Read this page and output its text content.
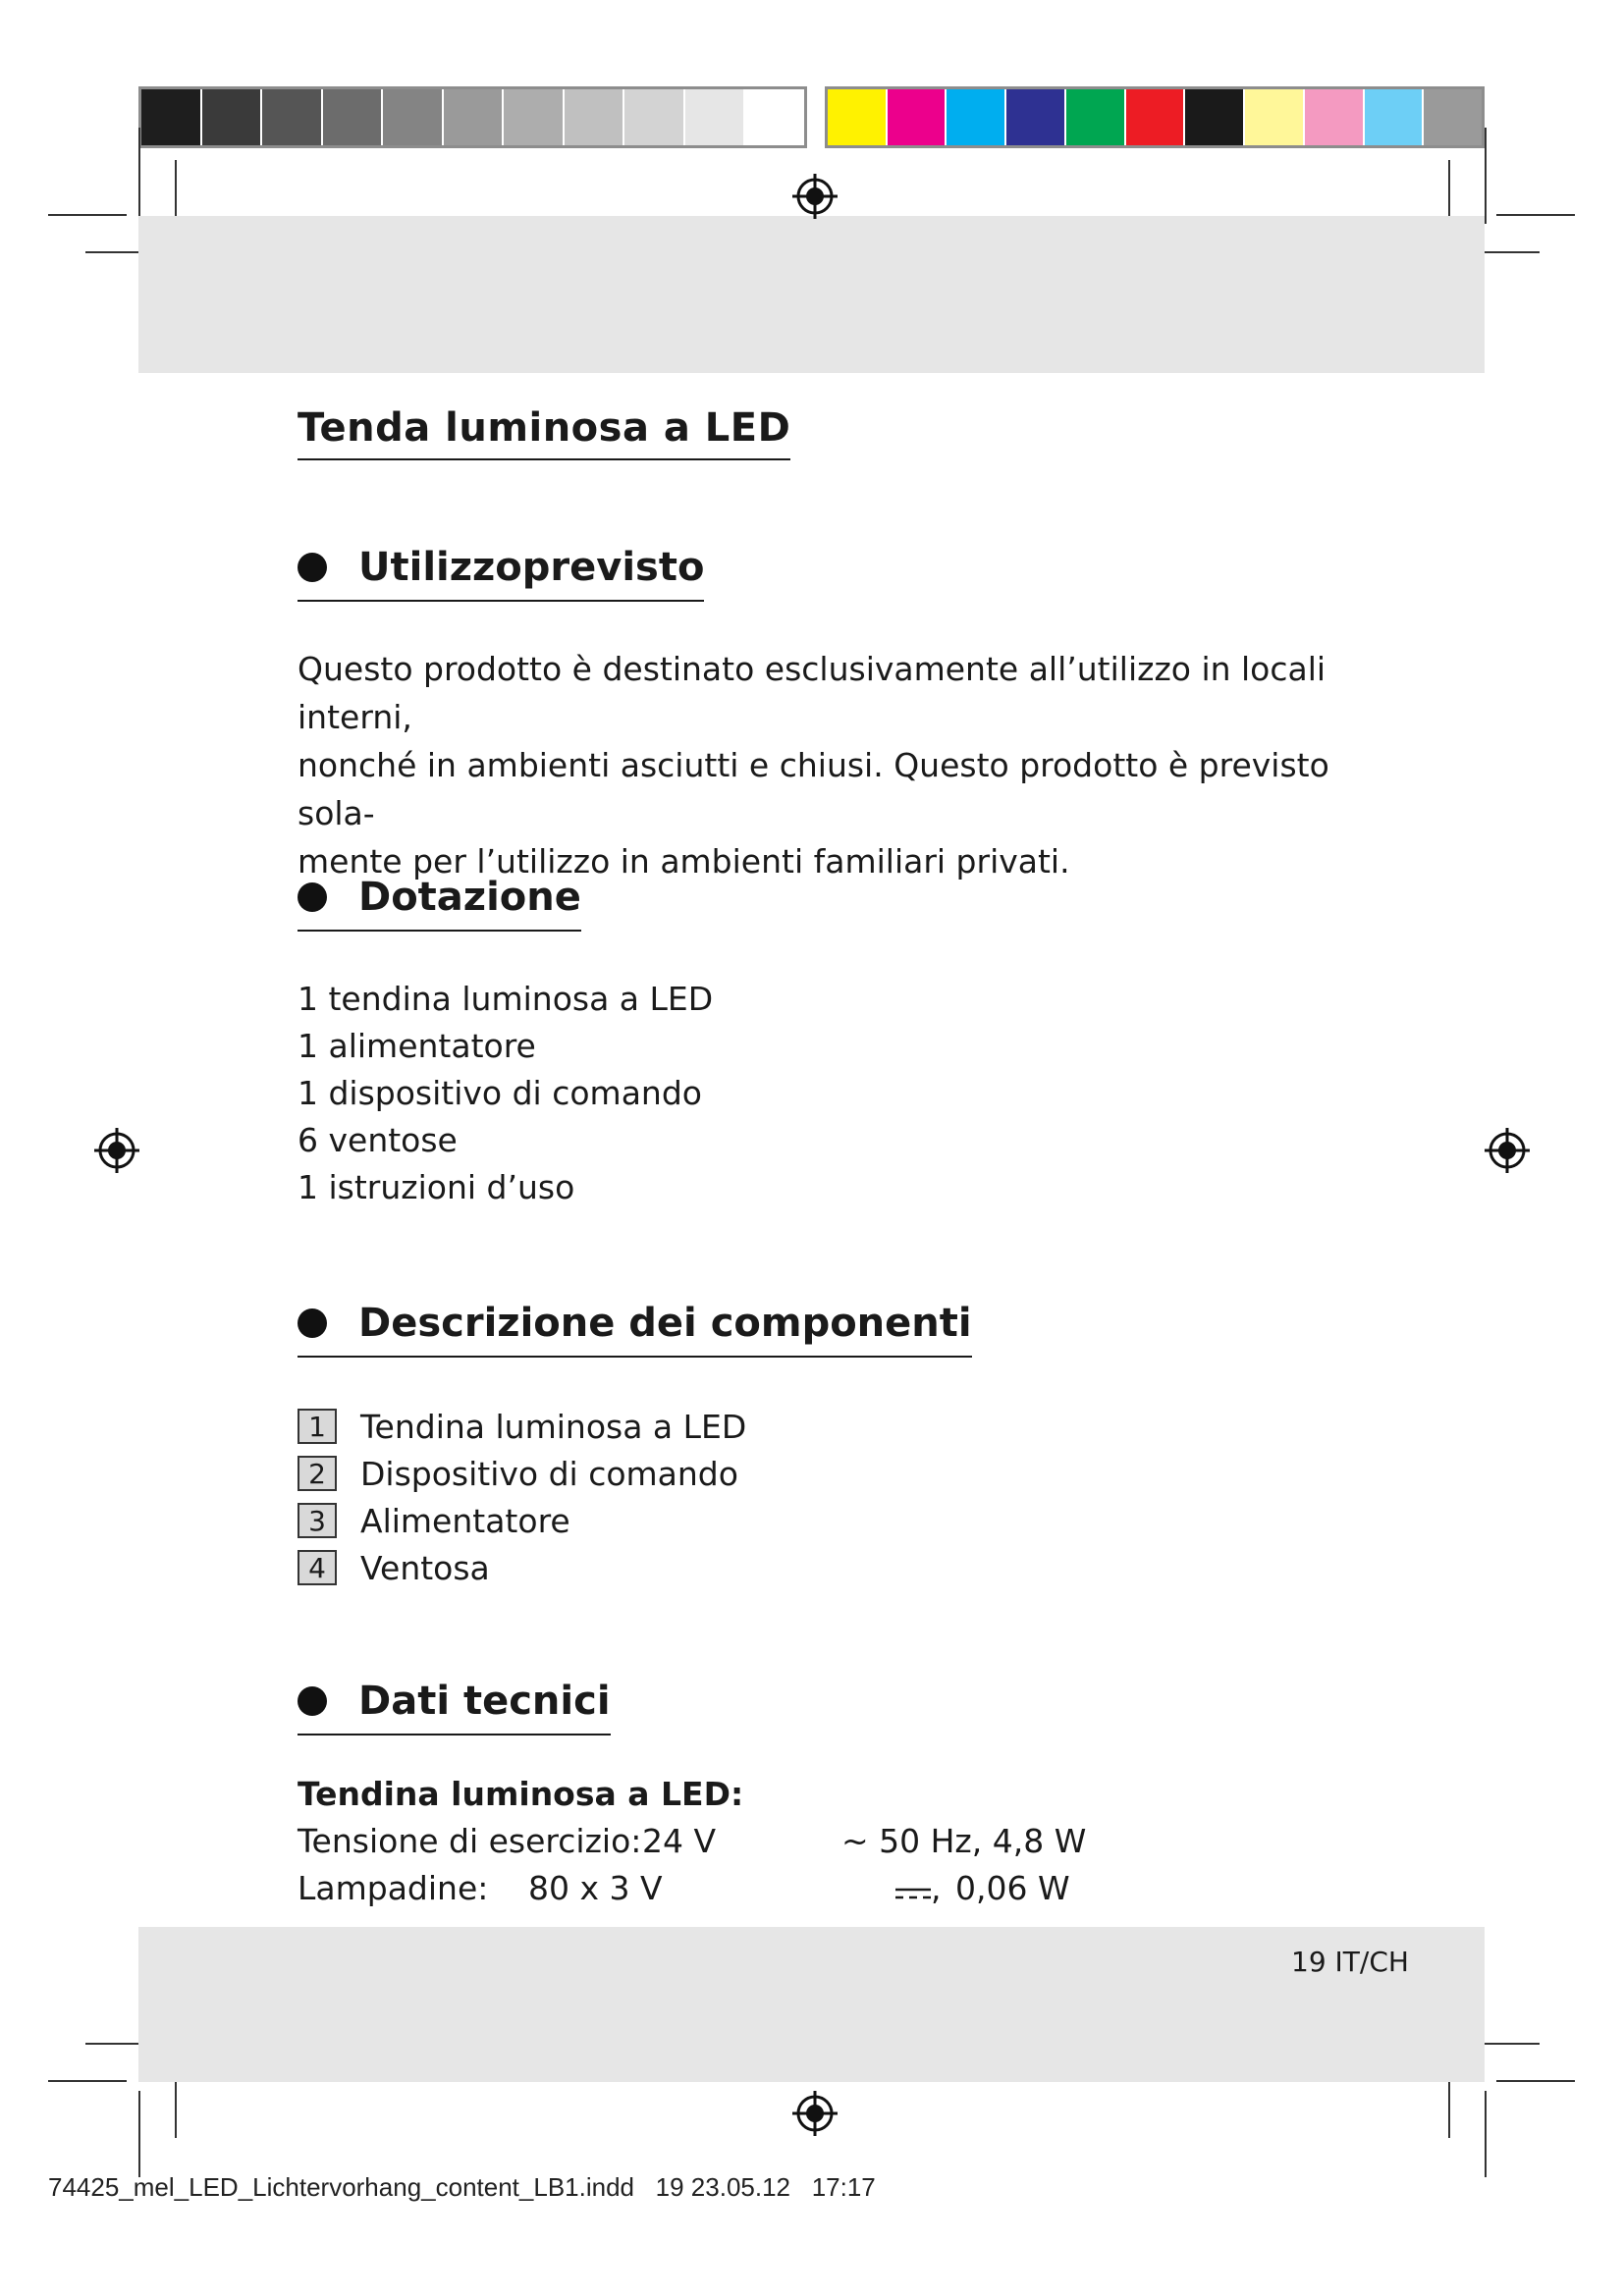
Tenda luminosa a LED
Utilizzoprevisto
Questo prodotto è destinato esclusivamente all’utilizzo in locali interni,
nonché in ambienti asciutti e chiusi. Questo prodotto è previsto sola-
mente per l’utilizzo in ambienti familiari privati.
Dotazione
1 tendina luminosa a LED
1 alimentatore
1 dispositivo di comando
6 ventose
1 istruzioni d’uso
Descrizione dei componenti
1	Tendina luminosa a LED
2	Dispositivo di comando
3	Alimentatore
4	Ventosa
Dati tecnici
Tendina luminosa a LED:
Tensione di esercizio: 24 V	~ 50 Hz, 4,8 W
Lampadine: 80 x 3 V	, 0,06 W
19 IT/CH
74425_mel_LED_Lichtervorhang_content_LB1.indd   19 23.05.12   17:17
